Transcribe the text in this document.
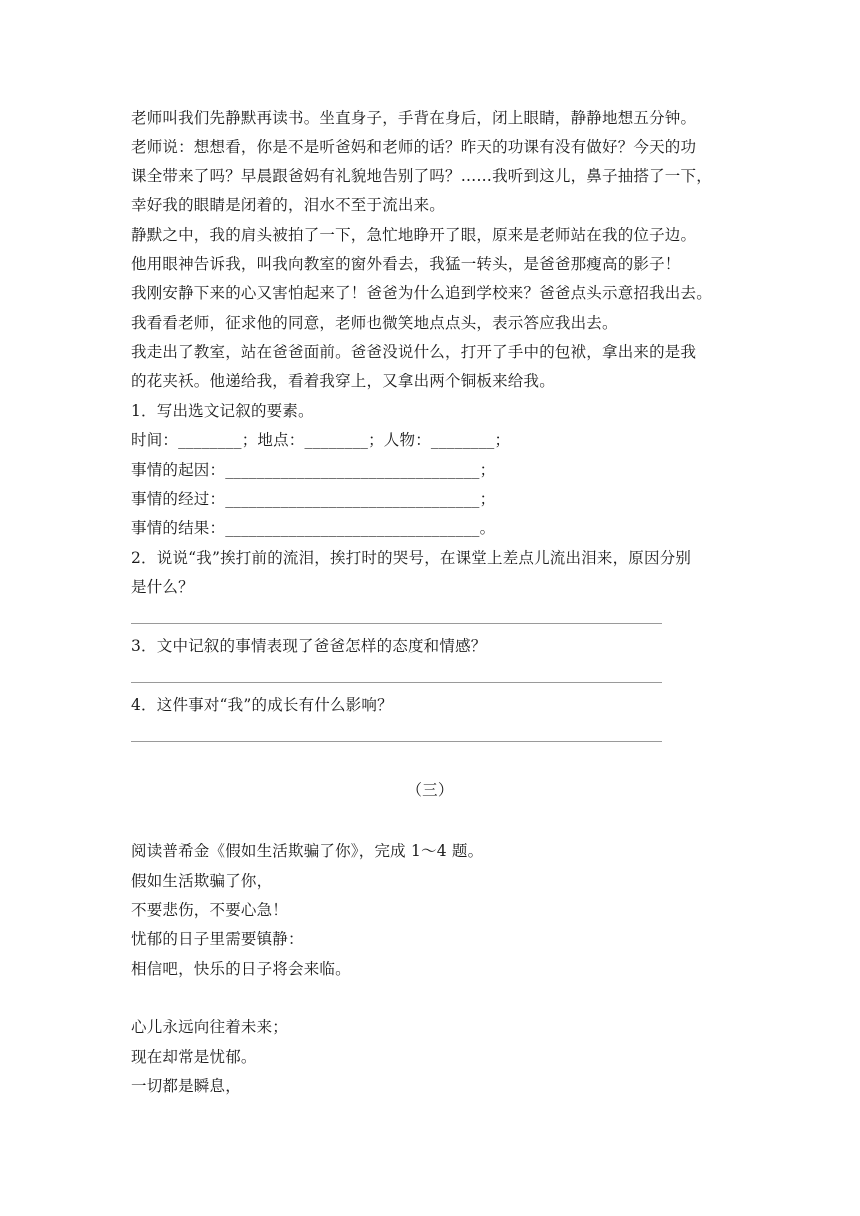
老师叫我们先静默再读书。坐直身子，手背在身后，闭上眼睛，静静地想五分钟。
老师说：想想看，你是不是听爸妈和老师的话？昨天的功课有没有做好？今天的功
课全带来了吗？早晨跟爸妈有礼貌地告别了吗？……我听到这儿，鼻子抽搭了一下，
幸好我的眼睛是闭着的，泪水不至于流出来。
静默之中，我的肩头被拍了一下，急忙地睁开了眼，原来是老师站在我的位子边。
他用眼神告诉我，叫我向教室的窗外看去，我猛一转头，是爸爸那瘦高的影子！
我刚安静下来的心又害怕起来了！爸爸为什么追到学校来？爸爸点头示意招我出去。
我看看老师，征求他的同意，老师也微笑地点点头，表示答应我出去。
我走出了教室，站在爸爸面前。爸爸没说什么，打开了手中的包袱，拿出来的是我
的花夹袄。他递给我，看着我穿上，又拿出两个铜板来给我。
1．写出选文记叙的要素。
时间：________；地点：________；人物：________；
事情的起因：________________________________；
事情的经过：________________________________；
事情的结果：________________________________。
2．说说“我”挨打前的流泪，挨打时的哭号，在课堂上差点儿流出泪来，原因分别
是什么？
3．文中记叙的事情表现了爸爸怎样的态度和情感？
4．这件事对“我”的成长有什么影响？
（三）
阅读普希金《假如生活欺骗了你》，完成 1～4 题。
假如生活欺骗了你，
不要悲伤，不要心急！
忧郁的日子里需要镇静：
相信吧，快乐的日子将会来临。
心儿永远向往着未来；
现在却常是忧郁。
一切都是瞬息，
